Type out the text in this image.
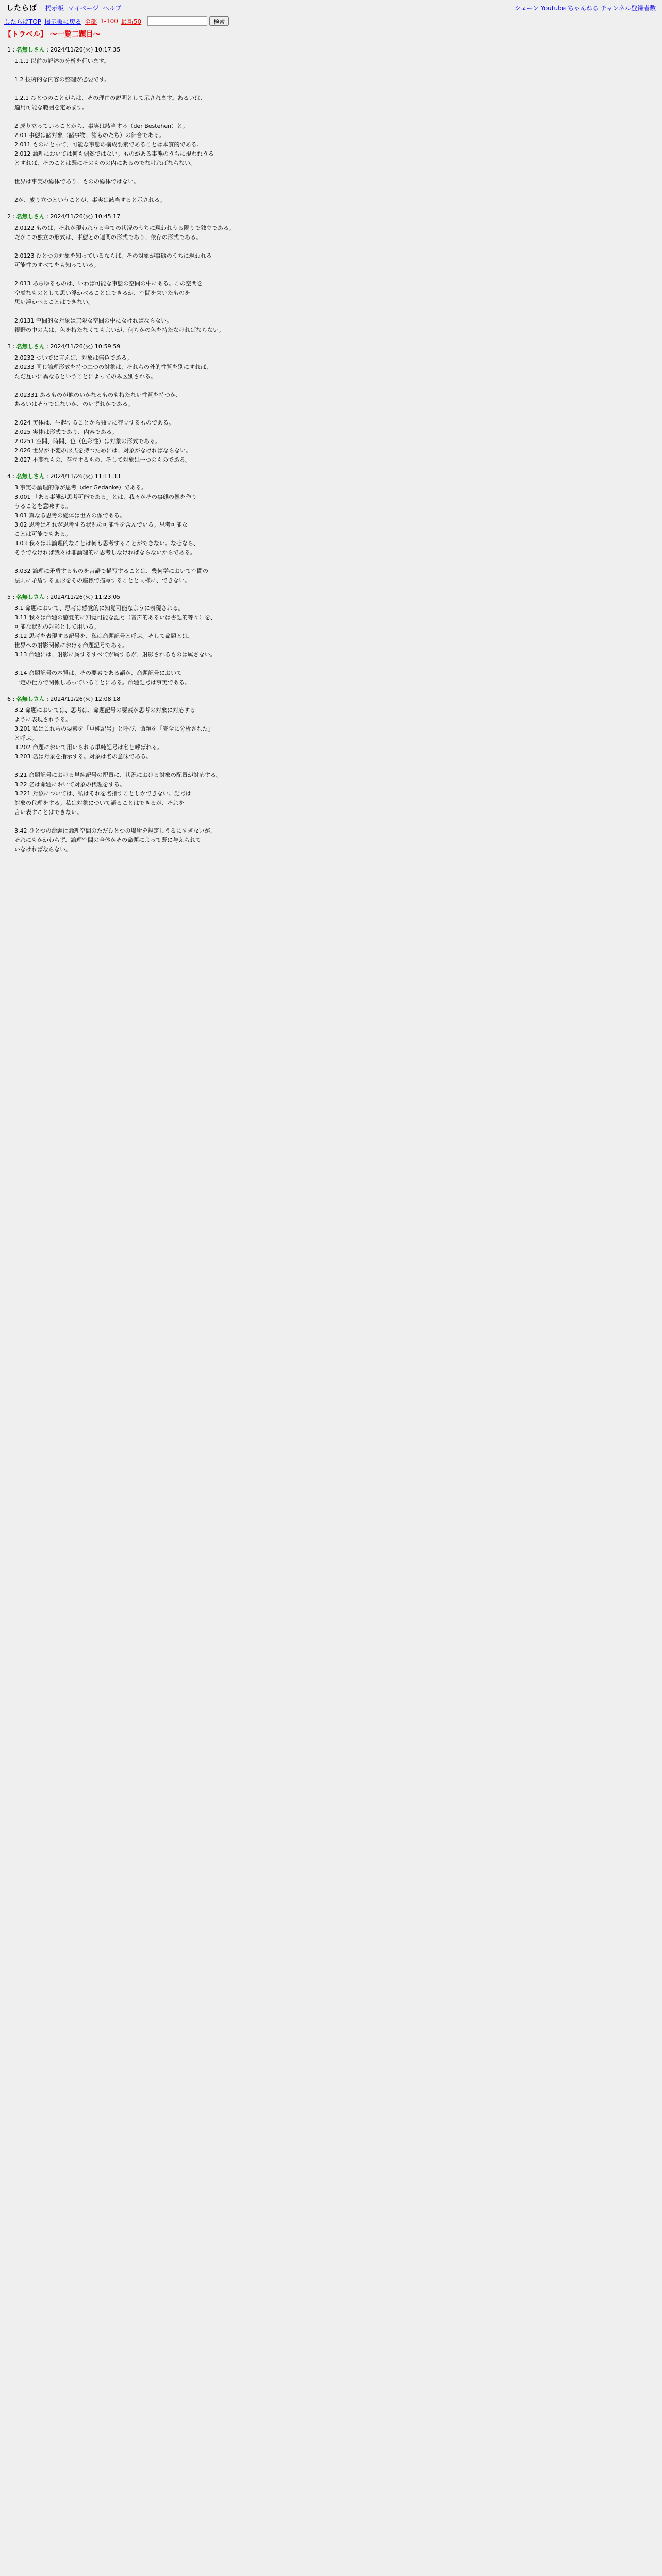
したらば 掲示板 マイページ ヘルプ	シェーン Youtube ちゃんねる チャンネル登録者数
したらばTOP 掲示板に戻る 全部 1-100 最新50	検索
【トラベル】 ～一覧二題目～
1 : 名無しさん : 2024/11/26(火) 10:17:35
1.1.1 以前の記述の分析を行います。

1.2 技術的な内容の整理が必要です。

1.2.1 ひとつのことがらは、その理由の説明として示されます。あるいは、
適用可能な範囲を定めます。

2 成り立っていることから、事実は該当する（der Bestehen）と。
2.01 事態は諸対象（諸事物、諸ものたち）の結合である。
2.011 ものにとって、可能な事態の構成要素であることは本質的である。
2.012 論理においては何も偶然ではない。ものがある事態のうちに現われうる
とすれば、そのことは既にそのものの内にあるのでなければならない。

世界は事実の総体であり、ものの総体ではない。

2が、成り立つということが、事実は該当すると示される。
2 : 名無しさん : 2024/11/26(火) 10:45:17
2.0122 ものは、それが現われうる全ての状況のうちに現われうる限りで独立である。
だがこの独立の形式は、事態との連関の形式であり、依存の形式である。

2.0123 ひとつの対象を知っているならば、その対象が事態のうちに現われる
可能性のすべてをも知っている。

2.013 あらゆるものは、いわば可能な事態の空間の中にある。この空間を
空虚なものとして思い浮かべることはできるが、空間を欠いたものを
思い浮かべることはできない。

2.0131 空間的な対象は無限な空間の中になければならない。
視野の中の点は、色を持たなくてもよいが、何らかの色を持たなければならない。
3 : 名無しさん : 2024/11/26(火) 10:59:59
2.0232 ついでに言えば、対象は無色である。
2.0233 同じ論理形式を持つ二つの対象は、それらの外的性質を別にすれば、
ただ互いに異なるということによってのみ区別される。

2.02331 あるものが他のいかなるものも持たない性質を持つか、
あるいはそうではないか、のいずれかである。

2.024 実体は、生起することから独立に存立するものである。
2.025 実体は形式であり、内容である。
2.0251 空間、時間、色（色彩性）は対象の形式である。
2.026 世界が不変の形式を持つためには、対象がなければならない。
2.027 不変なもの、存立するもの、そして対象は一つのものである。
4 : 名無しさん : 2024/11/26(火) 11:11:33
3 事実の論理的像が思考（der Gedanke）である。
3.001 「ある事態が思考可能である」とは、我々がその事態の像を作り
うることを意味する。
3.01 真なる思考の総体は世界の像である。
3.02 思考はそれが思考する状況の可能性を含んでいる。思考可能な
ことは可能でもある。
3.03 我々は非論理的なことは何も思考することができない。なぜなら、
そうでなければ我々は非論理的に思考しなければならないからである。

3.032 論理に矛盾するものを言語で描写することは、幾何学において空間の
法則に矛盾する図形をその座標で描写することと同様に、できない。
5 : 名無しさん : 2024/11/26(火) 11:23:05
3.1 命題において、思考は感覚的に知覚可能なように表現される。
3.11 我々は命題の感覚的に知覚可能な記号（音声的あるいは書記的等々）を、
可能な状況の射影として用いる。
3.12 思考を表現する記号を、私は命題記号と呼ぶ。そして命題とは、
世界への射影関係における命題記号である。
3.13 命題には、射影に属するすべてが属するが、射影されるものは属さない。

3.14 命題記号の本質は、その要素である語が、命題記号において
一定の仕方で関係しあっていることにある。命題記号は事実である。
6 : 名無しさん : 2024/11/26(火) 12:08:18
3.2 命題においては、思考は、命題記号の要素が思考の対象に対応する
ように表現されうる。
3.201 私はこれらの要素を「単純記号」と呼び、命題を「完全に分析された」
と呼ぶ。
3.202 命題において用いられる単純記号は名と呼ばれる。
3.203 名は対象を指示する。対象は名の意味である。

3.21 命題記号における単純記号の配置に、状況における対象の配置が対応する。
3.22 名は命題において対象の代理をする。
3.221 対象については、私はそれを名指すことしかできない。記号は
対象の代理をする。私は対象について語ることはできるが、それを
言い表すことはできない。

3.42 ひとつの命題は論理空間のただひとつの場所を規定しうるにすぎないが、
それにもかかわらず、論理空間の全体がその命題によって既に与えられて
いなければならない。
